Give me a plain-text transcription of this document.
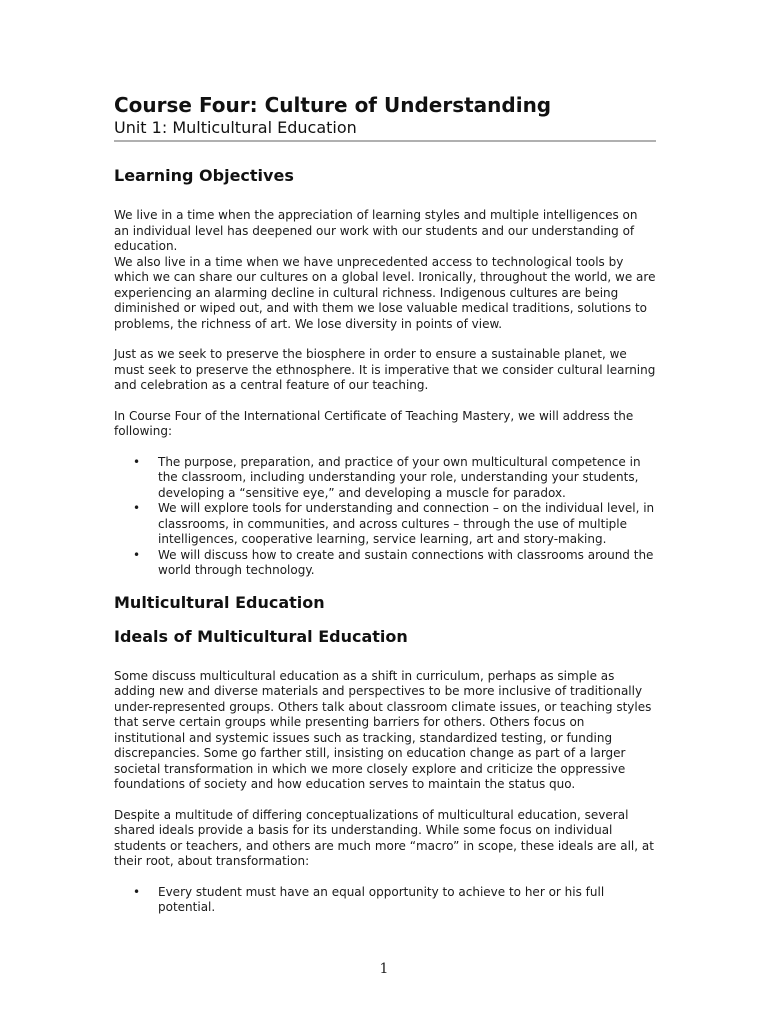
Course Four: Culture of Understanding
Unit 1: Multicultural Education
Learning Objectives

We live in a time when the appreciation of learning styles and multiple intelligences on an individual level has deepened our work with our students and our understanding of education.

We also live in a time when we have unprecedented access to technological tools by which we can share our cultures on a global level. Ironically, throughout the world, we are experiencing an alarming decline in cultural richness. Indigenous cultures are being diminished or wiped out, and with them we lose valuable medical traditions, solutions to problems, the richness of art. We lose diversity in points of view.

Just as we seek to preserve the biosphere in order to ensure a sustainable planet, we must seek to preserve the ethnosphere. It is imperative that we consider cultural learning and celebration as a central feature of our teaching.

In Course Four of the International Certificate of Teaching Mastery, we will address the following:

• The purpose, preparation, and practice of your own multicultural competence in the classroom, including understanding your role, understanding your students, developing a “sensitive eye,” and developing a muscle for paradox.
• We will explore tools for understanding and connection – on the individual level, in classrooms, in communities, and across cultures – through the use of multiple intelligences, cooperative learning, service learning, art and story-making.
• We will discuss how to create and sustain connections with classrooms around the world through technology.
Multicultural Education
Ideals of Multicultural Education

Some discuss multicultural education as a shift in curriculum, perhaps as simple as adding new and diverse materials and perspectives to be more inclusive of traditionally under-represented groups. Others talk about classroom climate issues, or teaching styles that serve certain groups while presenting barriers for others. Others focus on institutional and systemic issues such as tracking, standardized testing, or funding discrepancies. Some go farther still, insisting on education change as part of a larger societal transformation in which we more closely explore and criticize the oppressive foundations of society and how education serves to maintain the status quo.

Despite a multitude of differing conceptualizations of multicultural education, several shared ideals provide a basis for its understanding. While some focus on individual students or teachers, and others are much more “macro” in scope, these ideals are all, at their root, about transformation:

• Every student must have an equal opportunity to achieve to her or his full potential.
1
